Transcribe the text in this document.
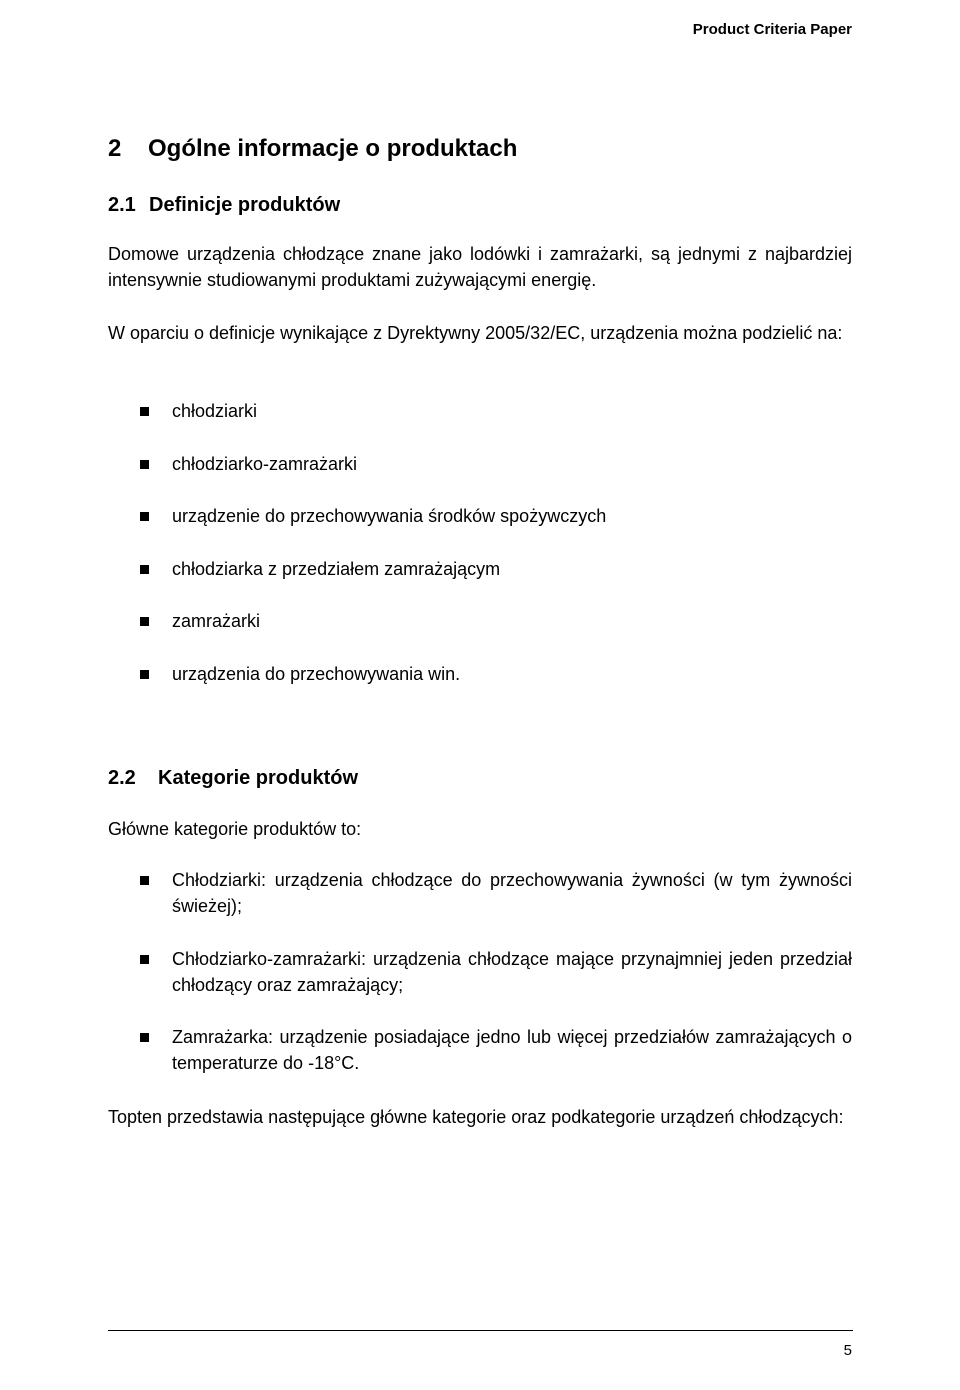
Product Criteria Paper
2 Ogólne informacje o produktach
2.1 Definicje produktów
Domowe urządzenia chłodzące znane jako lodówki i zamrażarki, są jednymi z najbardziej intensywnie studiowanymi produktami zużywającymi energię.
W oparciu o definicje wynikające z Dyrektywny 2005/32/EC, urządzenia można podzielić na:
chłodziarki
chłodziarko-zamrażarki
urządzenie do przechowywania środków spożywczych
chłodziarka z przedziałem zamrażającym
zamrażarki
urządzenia do przechowywania win.
2.2 Kategorie produktów
Główne kategorie produktów to:
Chłodziarki: urządzenia chłodzące do przechowywania żywności (w tym żywności świeżej);
Chłodziarko-zamrażarki: urządzenia chłodzące mające przynajmniej jeden przedział chłodzący oraz zamrażający;
Zamrażarka: urządzenie posiadające jedno lub więcej przedziałów zamrażających o temperaturze do -18°C.
Topten przedstawia następujące główne kategorie oraz podkategorie urządzeń chłodzących:
5
